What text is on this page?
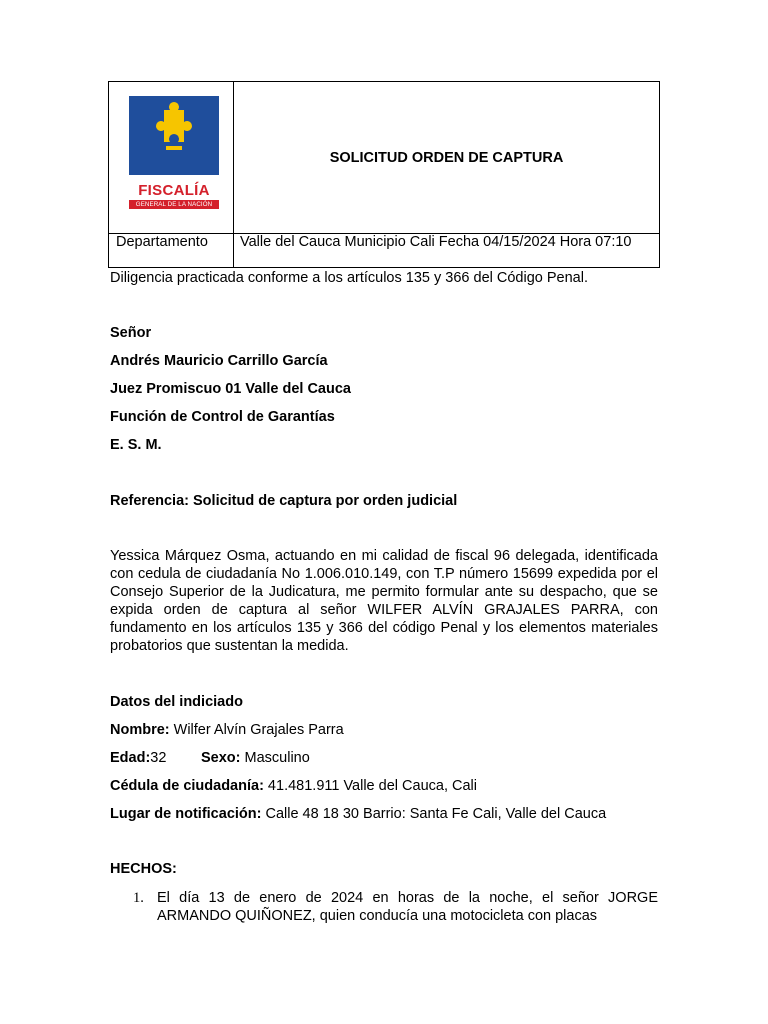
FISCALÍA
GENERAL DE LA NACIÓN	SOLICITUD ORDEN DE CAPTURA
Departamento	Valle del Cauca Municipio Cali Fecha 04/15/2024 Hora 07:10
Diligencia practicada conforme a los artículos 135 y 366 del Código Penal.
Señor
Andrés Mauricio Carrillo García
Juez Promiscuo 01 Valle del Cauca
Función de Control de Garantías
E. S. M.
Referencia: Solicitud de captura por orden judicial
Yessica Márquez Osma, actuando en mi calidad de fiscal 96 delegada, identificada con cedula de ciudadanía No 1.006.010.149, con T.P número 15699 expedida por el Consejo Superior de la Judicatura, me permito formular ante su despacho, que se expida orden de captura al señor WILFER ALVÍN GRAJALES PARRA, con fundamento en los artículos 135 y 366 del código Penal y los elementos materiales probatorios que sustentan la medida.
Datos del indiciado
Nombre: Wilfer Alvín Grajales Parra
Edad:32 Sexo: Masculino
Cédula de ciudadanía: 41.481.911 Valle del Cauca, Cali
Lugar de notificación: Calle 48 18 30 Barrio: Santa Fe Cali, Valle del Cauca
HECHOS:
1. El día 13 de enero de 2024 en horas de la noche, el señor JORGE ARMANDO QUIÑONEZ, quien conducía una motocicleta con placas
